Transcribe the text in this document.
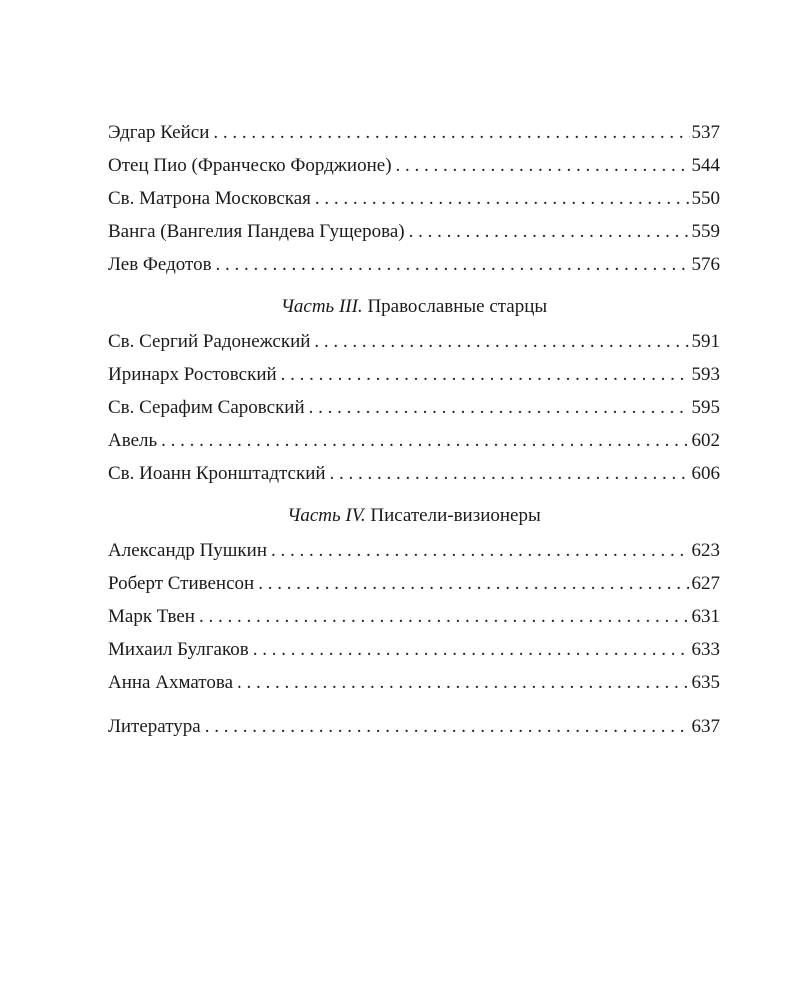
Эдгар Кейси . . .	537
Отец Пио (Франческо Форджионе) . . .	544
Св. Матрона Московская . . .	550
Ванга (Вангелия Пандева Гущерова) . . .	559
Лев Федотов . . .	576
Часть III. Православные старцы
Св. Сергий Радонежский . . .	591
Иринарх Ростовский . . .	593
Св. Серафим Саровский . . .	595
Авель . . .	602
Св. Иоанн Кронштадтский . . .	606
Часть IV. Писатели-визионеры
Александр Пушкин . . .	623
Роберт Стивенсон . . .	627
Марк Твен . . .	631
Михаил Булгаков . . .	633
Анна Ахматова . . .	635
Литература . . .	637
